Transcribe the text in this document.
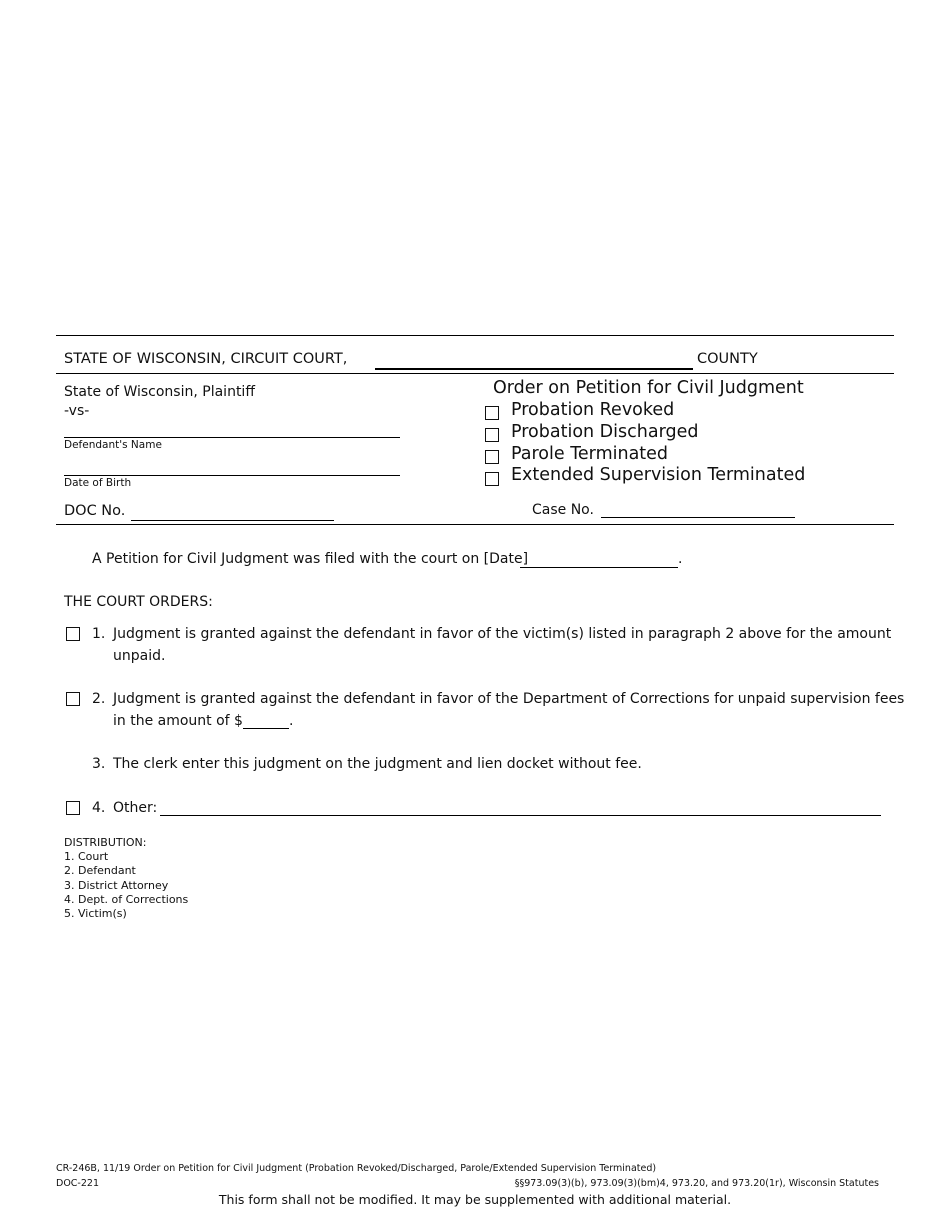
STATE OF WISCONSIN, CIRCUIT COURT,	COUNTY
State of Wisconsin, Plaintiff
-vs-
Defendant's Name
Date of Birth
DOC No.
Order on Petition for Civil Judgment
Probation Revoked
Probation Discharged
Parole Terminated
Extended Supervision Terminated
Case No.
A Petition for Civil Judgment was filed with the court on [Date]	.
THE COURT ORDERS:
1. Judgment is granted against the defendant in favor of the victim(s) listed in paragraph 2 above for the amount
unpaid.
2. Judgment is granted against the defendant in favor of the Department of Corrections for unpaid supervision fees
in the amount of $	.
3. The clerk enter this judgment on the judgment and lien docket without fee.
4. Other:
DISTRIBUTION:
1. Court
2. Defendant
3. District Attorney
4. Dept. of Corrections
5. Victim(s)
CR-246B, 11/19 Order on Petition for Civil Judgment (Probation Revoked/Discharged, Parole/Extended Supervision Terminated)
DOC-221	§§973.09(3)(b), 973.09(3)(bm)4, 973.20, and 973.20(1r), Wisconsin Statutes
This form shall not be modified. It may be supplemented with additional material.
